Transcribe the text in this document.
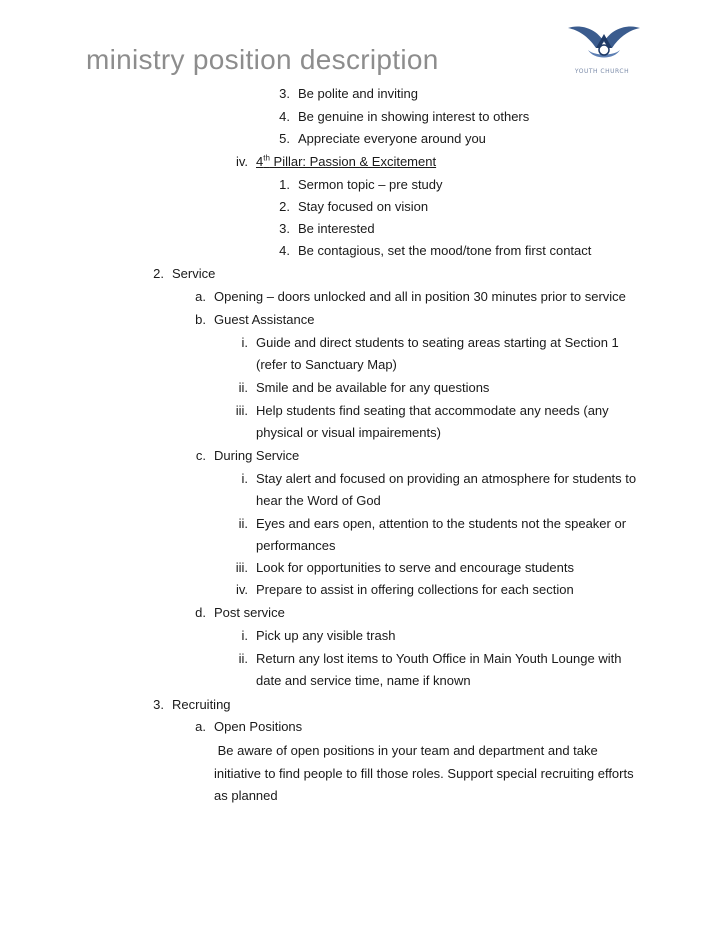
ministry position description	YOUTH CHURCH
3. Be polite and inviting
4. Be genuine in showing interest to others
5. Appreciate everyone around you
iv. 4th Pillar: Passion & Excitement
1. Sermon topic – pre study
2. Stay focused on vision
3. Be interested
4. Be contagious, set the mood/tone from first contact
2. Service
a. Opening – doors unlocked and all in position 30 minutes prior to service
b. Guest Assistance
i. Guide and direct students to seating areas starting at Section 1
(refer to Sanctuary Map)
ii. Smile and be available for any questions
iii. Help students find seating that accommodate any needs (any
physical or visual impairements)
c. During Service
i. Stay alert and focused on providing an atmosphere for students to
hear the Word of God
ii. Eyes and ears open, attention to the students not the speaker or
performances
iii. Look for opportunities to serve and encourage students
iv. Prepare to assist in offering collections for each section
d. Post service
i. Pick up any visible trash
ii. Return any lost items to Youth Office in Main Youth Lounge with
date and service time, name if known
3. Recruiting
a. Open Positions
Be aware of open positions in your team and department and take
initiative to find people to fill those roles. Support special recruiting efforts
as planned
